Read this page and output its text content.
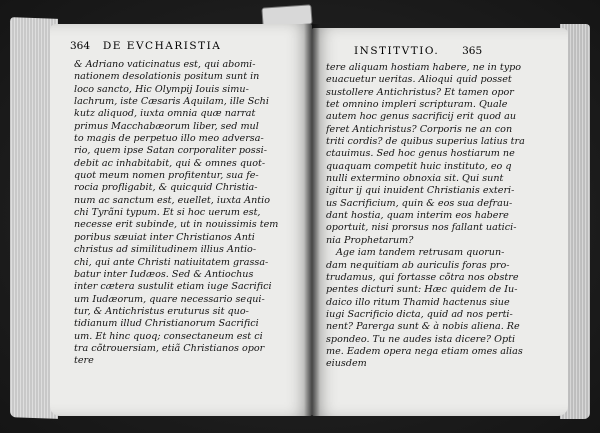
364 DE EVCHARISTIA	INSTITVTIO. 365
& Adriano vaticinatus est, qui abomi-
nationem desolationis positum sunt in
loco sancto, Hic Olympij Iouis simu-
lachrum, iste Cæsaris Aquilam, ille Schi
kutz aliquod, iuxta omnia quæ narrat
primus Macchabæorum liber, sed mul
to magis de perpetuo illo meo adversa-
rio, quem ipse Satan corporaliter possi-
debit ac inhabitabit, qui & omnes quot-
quot meum nomen profitentur, sua fe-
rocia profligabit, & quicquid Christia-
num ac sanctum est, euellet, iuxta Antio
chi Tyrãni typum. Et si hoc uerum est,
necesse erit subinde, ut in nouissimis tem
poribus sæuiat inter Christianos Anti
christus ad similitudinem illius Antio-
chi, qui ante Christi natiuitatem grassa-
batur inter Iudæos. Sed & Antiochus
inter cætera sustulit etiam iuge Sacrifici
um Iudæorum, quare necessario sequi-
tur, & Antichristus eruturus sit quo-
tidianum illud Christianorum Sacrifici
um. Et hinc quoq; consectaneum est ci
tra cõtrouersiam, etiã Christianos opor
tere
tere aliquam hostiam habere, ne in typo
euacuetur ueritas. Alioqui quid posset
sustollere Antichristus? Et tamen opor
tet omnino impleri scripturam. Quale
autem hoc genus sacrificij erit quod au
feret Antichristus? Corporis ne an con
triti cordis? de quibus superius latius tra
ctauimus. Sed hoc genus hostiarum ne
quaquam competit huic instituto, eo q
nulli extermino obnoxia sit. Qui sunt
igitur ij qui inuident Christianis exteri-
us Sacrificium, quin & eos sua defrau-
dant hostia, quam interim eos habere
oportuit, nisi prorsus nos fallant uatici-
nia Prophetarum?
Age iam tandem retrusam quorun-
dam nequitiam ab auriculis foras pro-
trudamus, qui fortasse cõtra nos obstre
pentes dicturi sunt: Hæc quidem de Iu-
daico illo ritum Thamid hactenus siue
iugi Sacrificio dicta, quid ad nos perti-
nent? Parerga sunt & à nobis aliena. Re
spondeo. Tu ne audes ista dicere? Opti
me. Eadem opera nega etiam omes alias
eiusdem
